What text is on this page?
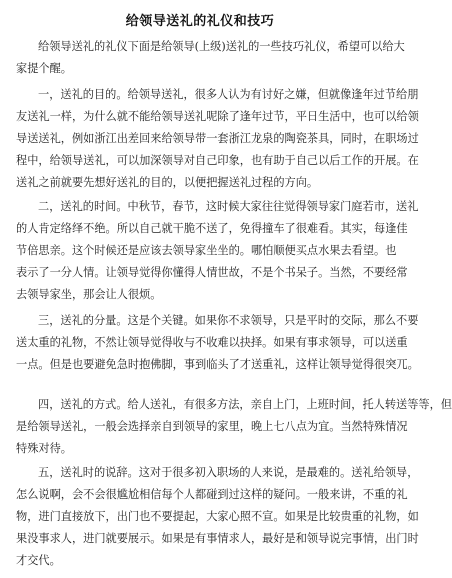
给领导送礼的礼仪和技巧
给领导送礼的礼仪下面是给领导(上级)送礼的一些技巧礼仪，希望可以给大
家提个醒。
一，送礼的目的。给领导送礼，很多人认为有讨好之嫌，但就像逢年过节给朋
友送礼一样，为什么就不能给领导送礼呢除了逢年过节，平日生活中，也可以给领
导送送礼，例如浙江出差回来给领导带一套浙江龙泉的陶瓷茶具，同时，在职场过
程中，给领导送礼，可以加深领导对自己印象，也有助于自己以后工作的开展。在
送礼之前就要先想好送礼的目的，以便把握送礼过程的方向。
二，送礼的时间。中秋节，春节，这时候大家往往觉得领导家门庭若市，送礼
的人肯定络绎不绝。所以自己就干脆不送了，免得撞车了很难看。其实，每逢佳
节倍思亲。这个时候还是应该去领导家坐坐的。哪怕顺便买点水果去看望。也
表示了一分人情。让领导觉得你懂得人情世故，不是个书呆子。当然，不要经常
去领导家坐，那会让人很烦。
三，送礼的分量。这是个关键。如果你不求领导，只是平时的交际，那么不要
送太重的礼物，不然让领导觉得收与不收难以抉择。如果有事求领导，可以送重
一点。但是也要避免急时抱佛脚，事到临头了才送重礼，这样让领导觉得很突兀。
四，送礼的方式。给人送礼，有很多方法，亲自上门，上班时间，托人转送等等，但
是给领导送礼，一般会选择亲自到领导的家里，晚上七八点为宜。当然特殊情况
特殊对待。
五，送礼时的说辞。这对于很多初入职场的人来说，是最难的。送礼给领导，
怎么说啊，会不会很尴尬相信每个人都碰到过这样的疑问。一般来讲，不重的礼
物，进门直接放下，出门也不要提起，大家心照不宣。如果是比较贵重的礼物，如
果没事求人，进门就要展示。如果是有事情求人，最好是和领导说完事情，出门时
才交代。
